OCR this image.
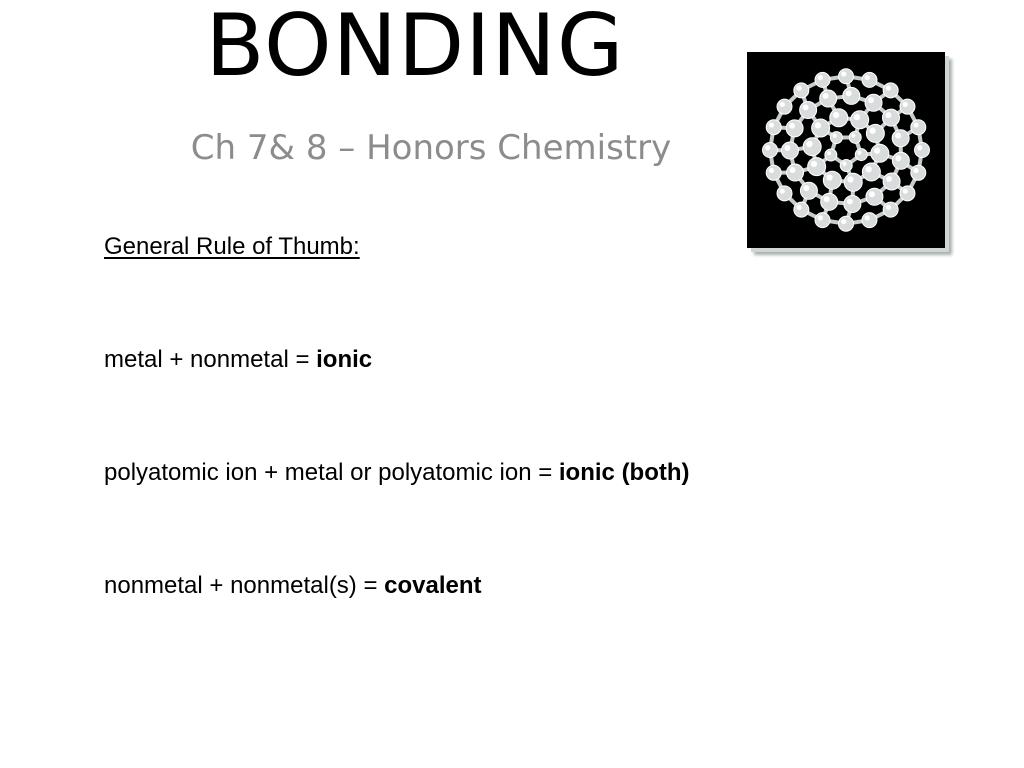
BONDING
Ch 7& 8 – Honors Chemistry
General Rule of Thumb:
metal + nonmetal = ionic
polyatomic ion + metal or polyatomic ion = ionic (both)
nonmetal + nonmetal(s) = covalent
